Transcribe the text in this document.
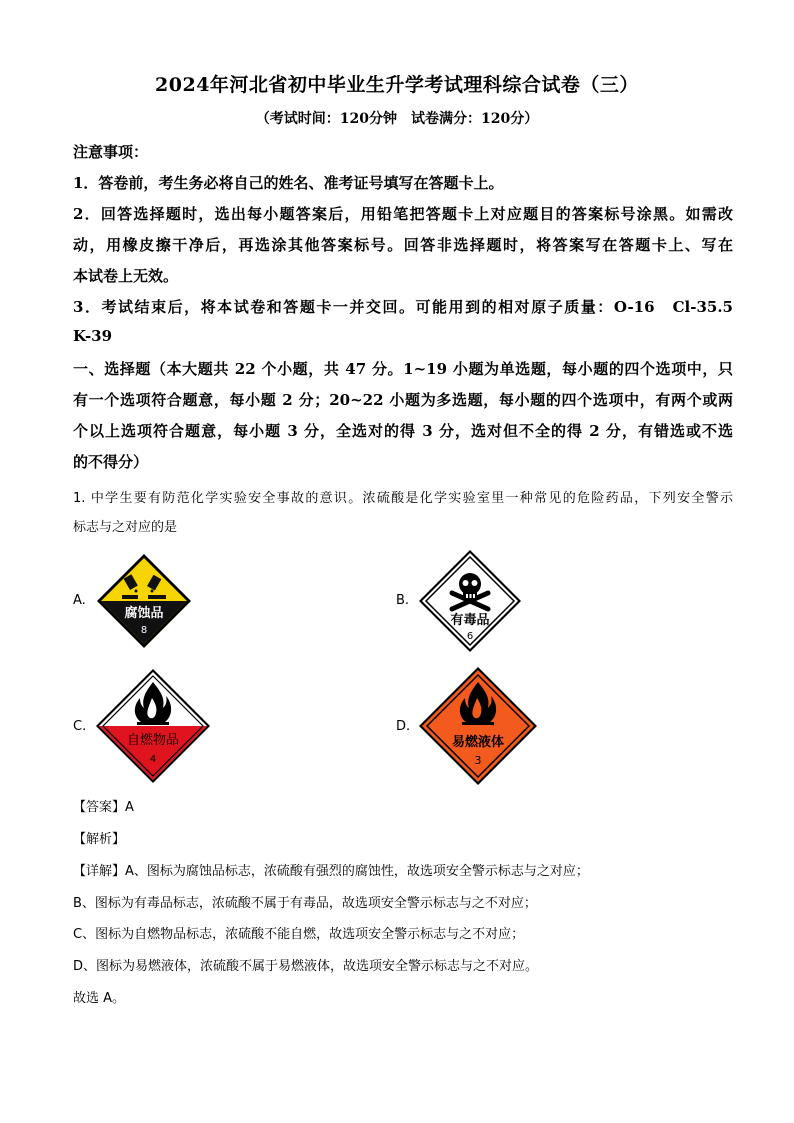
2024年河北省初中毕业生升学考试理科综合试卷（三）
（考试时间：120分钟　试卷满分：120分）
注意事项：
1．答卷前，考生务必将自己的姓名、准考证号填写在答题卡上。
2．回答选择题时，选出每小题答案后，用铅笔把答题卡上对应题目的答案标号涂黑。如需改
动，用橡皮擦干净后，再选涂其他答案标号。回答非选择题时，将答案写在答题卡上、写在
本试卷上无效。
3．考试结束后，将本试卷和答题卡一并交回。可能用到的相对原子质量：O-16　Cl-35.5
K-39
一、选择题（本大题共 22 个小题，共 47 分。1~19 小题为单选题，每小题的四个选项中，只
有一个选项符合题意，每小题 2 分；20~22 小题为多选题，每小题的四个选项中，有两个或两
个以上选项符合题意，每小题 3 分，全选对的得 3 分，选对但不全的得 2 分，有错选或不选
的不得分）
1. 中学生要有防范化学实验安全事故的意识。浓硫酸是化学实验室里一种常见的危险药品，下列安全警示
标志与之对应的是
A.
腐蚀品
8
B.
有毒品
6
C.
自燃物品
4
D.
易燃液体
3
【答案】A
【解析】
【详解】A、图标为腐蚀品标志，浓硫酸有强烈的腐蚀性，故选项安全警示标志与之对应；
B、图标为有毒品标志，浓硫酸不属于有毒品，故选项安全警示标志与之不对应；
C、图标为自燃物品标志，浓硫酸不能自燃，故选项安全警示标志与之不对应；
D、图标为易燃液体，浓硫酸不属于易燃液体，故选项安全警示标志与之不对应。
故选 A。
